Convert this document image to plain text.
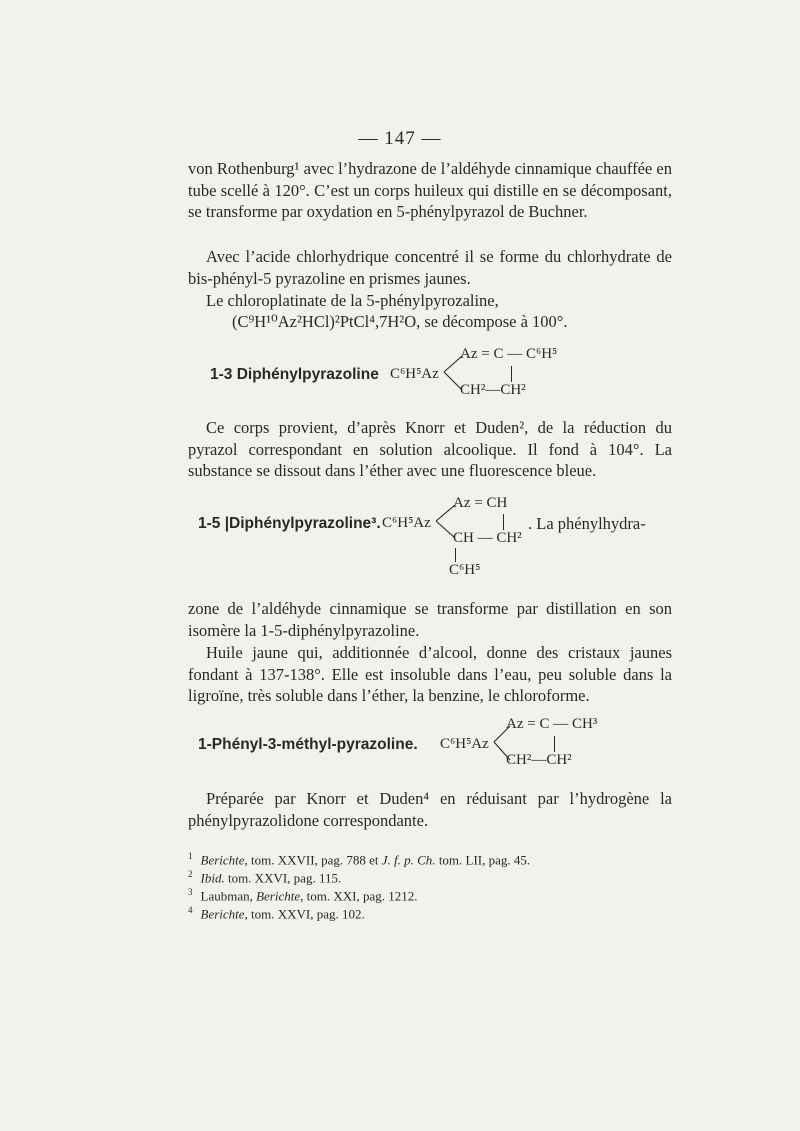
— 147 —
von Rothenburg¹ avec l’hydrazone de l’aldéhyde cinnamique chauffée en tube scellé à 120°. C’est un corps huileux qui distille en se décomposant, se transforme par oxydation en 5-phénylpyrazol de Buchner.
Avec l’acide chlorhydrique concentré il se forme du chlorhydrate de bis-phényl-5 pyrazoline en prismes jaunes.
Le chloroplatinate de la 5-phénylpyrozaline,
(C⁹H¹⁰Az²HCl)²PtCl⁴,7H²O, se décompose à 100°.
1-3 Diphénylpyrazoline C⁶H⁵Az
Az = C — C⁶H⁵
CH²—CH²
Ce corps provient, d’après Knorr et Duden², de la réduction du pyrazol correspondant en solution alcoolique. Il fond à 104°. La substance se dissout dans l’éther avec une fluorescence bleue.
1-5 |Diphénylpyrazoline³. C⁶H⁵Az
Az = CH
CH — CH²
C⁶H⁵
. La phénylhydra-
zone de l’aldéhyde cinnamique se transforme par distillation en son isomère la 1-5-diphénylpyrazoline.
Huile jaune qui, additionnée d’alcool, donne des cristaux jaunes fondant à 137-138°. Elle est insoluble dans l’eau, peu soluble dans la ligroïne, très soluble dans l’éther, la benzine, le chloroforme.
1-Phényl-3-méthyl-pyrazoline. C⁶H⁵Az
Az = C — CH³
CH²—CH²
Préparée par Knorr et Duden⁴ en réduisant par l’hydrogène la phénylpyrazolidone correspondante.
$^1$ Berichte, tom. XXVII, pag. 788 et J. f. p. Ch. tom. LII, pag. 45.
$^2$ Ibid. tom. XXVI, pag. 115.
$^3$ Laubman, Berichte, tom. XXI, pag. 1212.
$^4$ Berichte, tom. XXVI, pag. 102.
